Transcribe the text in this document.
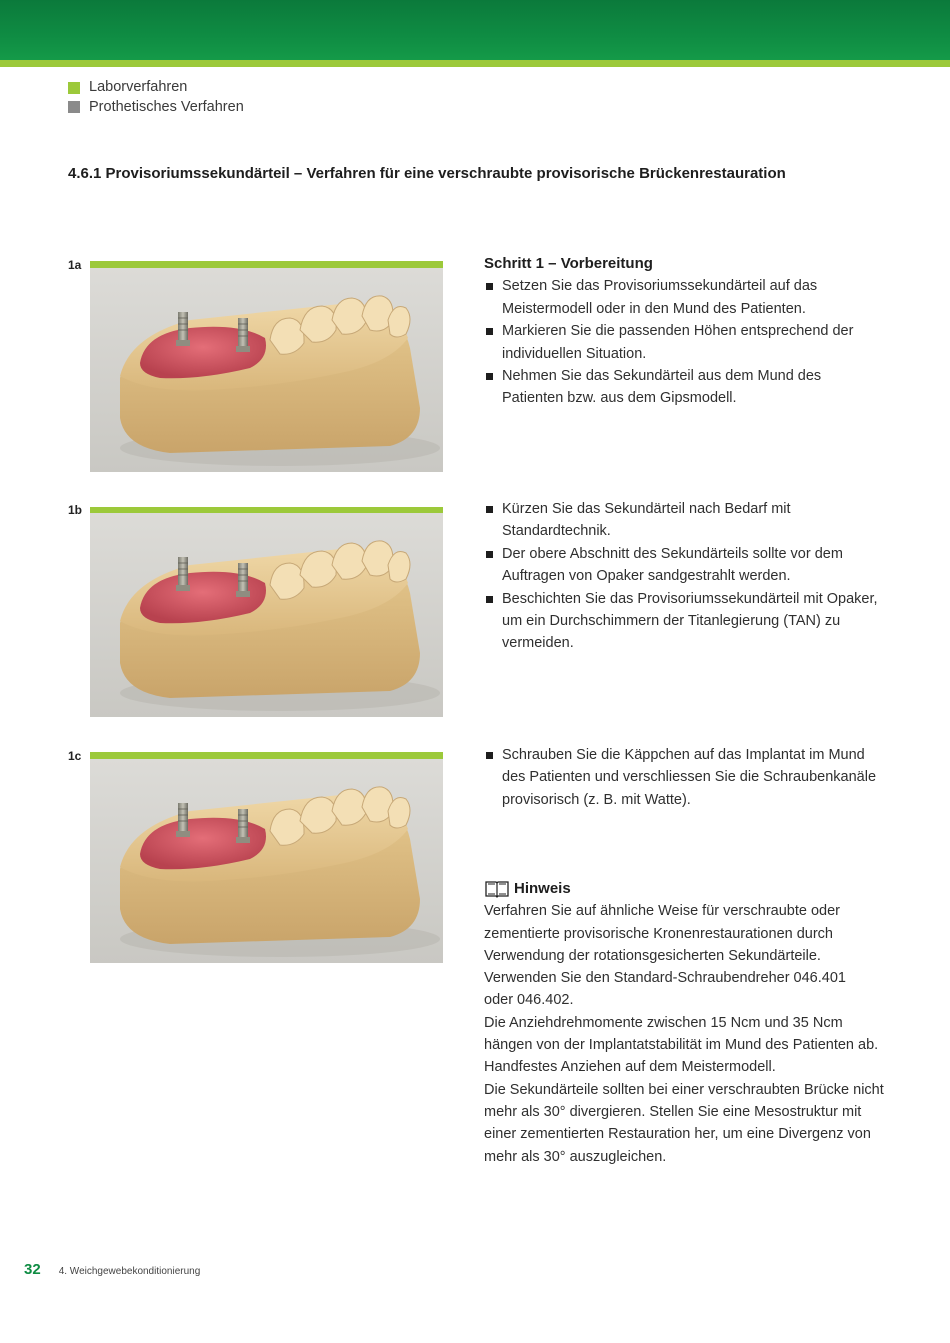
Laborverfahren
Prothetisches Verfahren
4.6.1 Provisoriumssekundärteil – Verfahren für eine verschraubte provisorische Brückenrestauration
1a
1b
1c
Schritt 1 – Vorbereitung
Setzen Sie das Provisoriumssekundärteil auf das
Meistermodell oder in den Mund des Patienten.
Markieren Sie die passenden Höhen entsprechend der
individuellen Situation.
Nehmen Sie das Sekundärteil aus dem Mund des
Patienten bzw. aus dem Gipsmodell.
Kürzen Sie das Sekundärteil nach Bedarf mit
Standardtechnik.
Der obere Abschnitt des Sekundärteils sollte vor dem
Auftragen von Opaker sandgestrahlt werden.
Beschichten Sie das Provisoriumssekundärteil mit Opaker,
um ein Durchschimmern der Titanlegierung (TAN) zu
vermeiden.
Schrauben Sie die Käppchen auf das Implantat im Mund
des Patienten und verschliessen Sie die Schraubenkanäle
provisorisch (z. B. mit Watte).
Hinweis
Verfahren Sie auf ähnliche Weise für verschraubte oder
zementierte provisorische Kronenrestaurationen durch
Verwendung der rotationsgesicherten Sekundärteile.
Verwenden Sie den Standard-Schraubendreher 046.401
oder 046.402.
Die Anziehdrehmomente zwischen 15 Ncm und 35 Ncm
hängen von der Implantatstabilität im Mund des Patienten ab.
Handfestes Anziehen auf dem Meistermodell.
Die Sekundärteile sollten bei einer verschraubten Brücke nicht
mehr als 30° divergieren. Stellen Sie eine Mesostruktur mit
einer zementierten Restauration her, um eine Divergenz von
mehr als 30° auszugleichen.
32 4. Weichgewebekonditionierung
